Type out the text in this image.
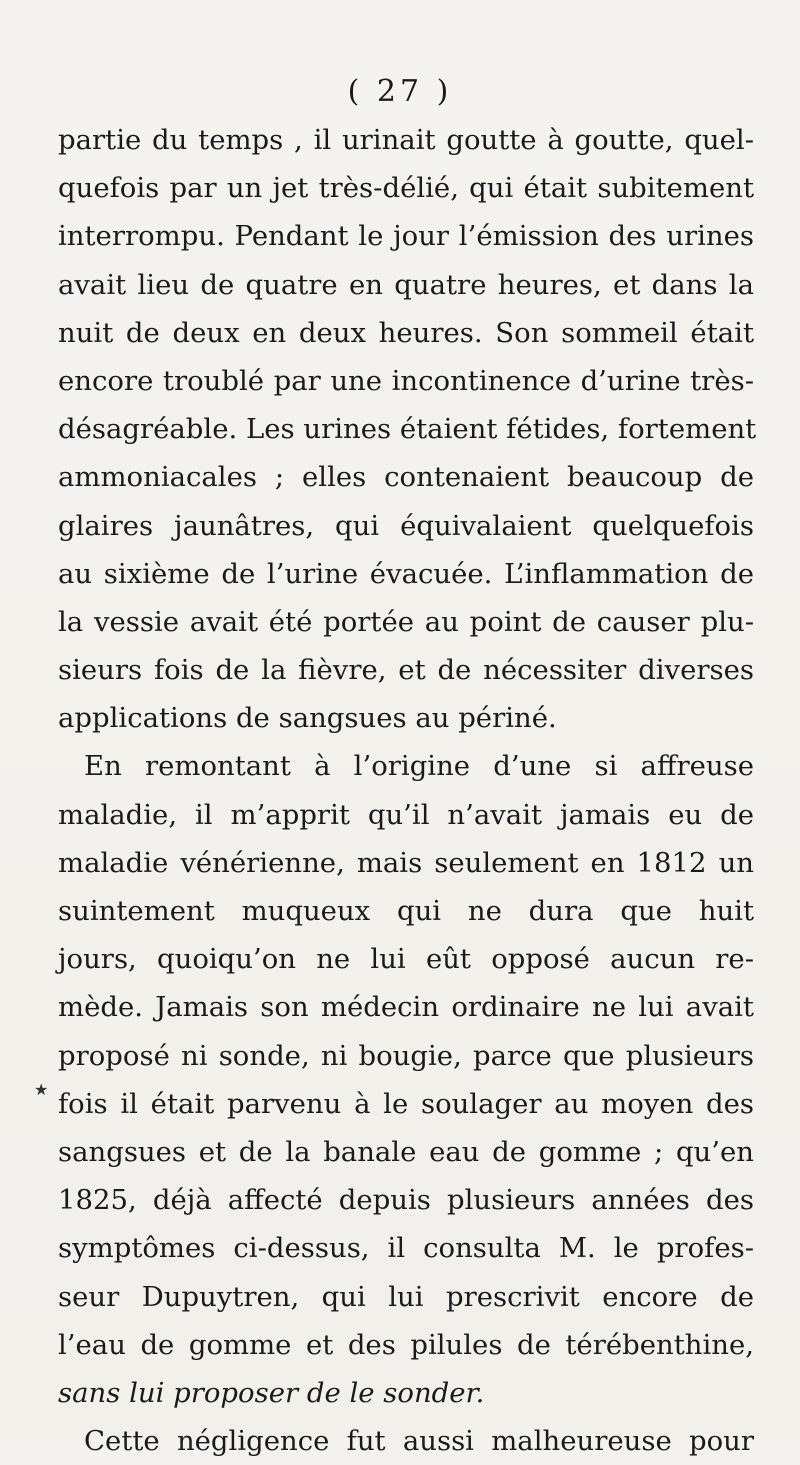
( 27 )
partie du temps , il urinait goutte à goutte, quel-
quefois par un jet très-délié, qui était subitement
interrompu. Pendant le jour l’émission des urines
avait lieu de quatre en quatre heures, et dans la
nuit de deux en deux heures. Son sommeil était
encore troublé par une incontinence d’urine très-
désagréable. Les urines étaient fétides, fortement
ammoniacales ; elles contenaient beaucoup de
glaires jaunâtres, qui équivalaient quelquefois
au sixième de l’urine évacuée. L’inflammation de
la vessie avait été portée au point de causer plu-
sieurs fois de la fièvre, et de nécessiter diverses
applications de sangsues au périné.
En remontant à l’origine d’une si affreuse
maladie, il m’apprit qu’il n’avait jamais eu de
maladie vénérienne, mais seulement en 1812 un
suintement muqueux qui ne dura que huit
jours, quoiqu’on ne lui eût opposé aucun re-
mède. Jamais son médecin ordinaire ne lui avait
proposé ni sonde, ni bougie, parce que plusieurs
fois il était parvenu à le soulager au moyen des
sangsues et de la banale eau de gomme ; qu’en
1825, déjà affecté depuis plusieurs années des
symptômes ci-dessus, il consulta M. le profes-
seur Dupuytren, qui lui prescrivit encore de
l’eau de gomme et des pilules de térébenthine,
sans lui proposer de le sonder.
Cette négligence fut aussi malheureuse pour
★
